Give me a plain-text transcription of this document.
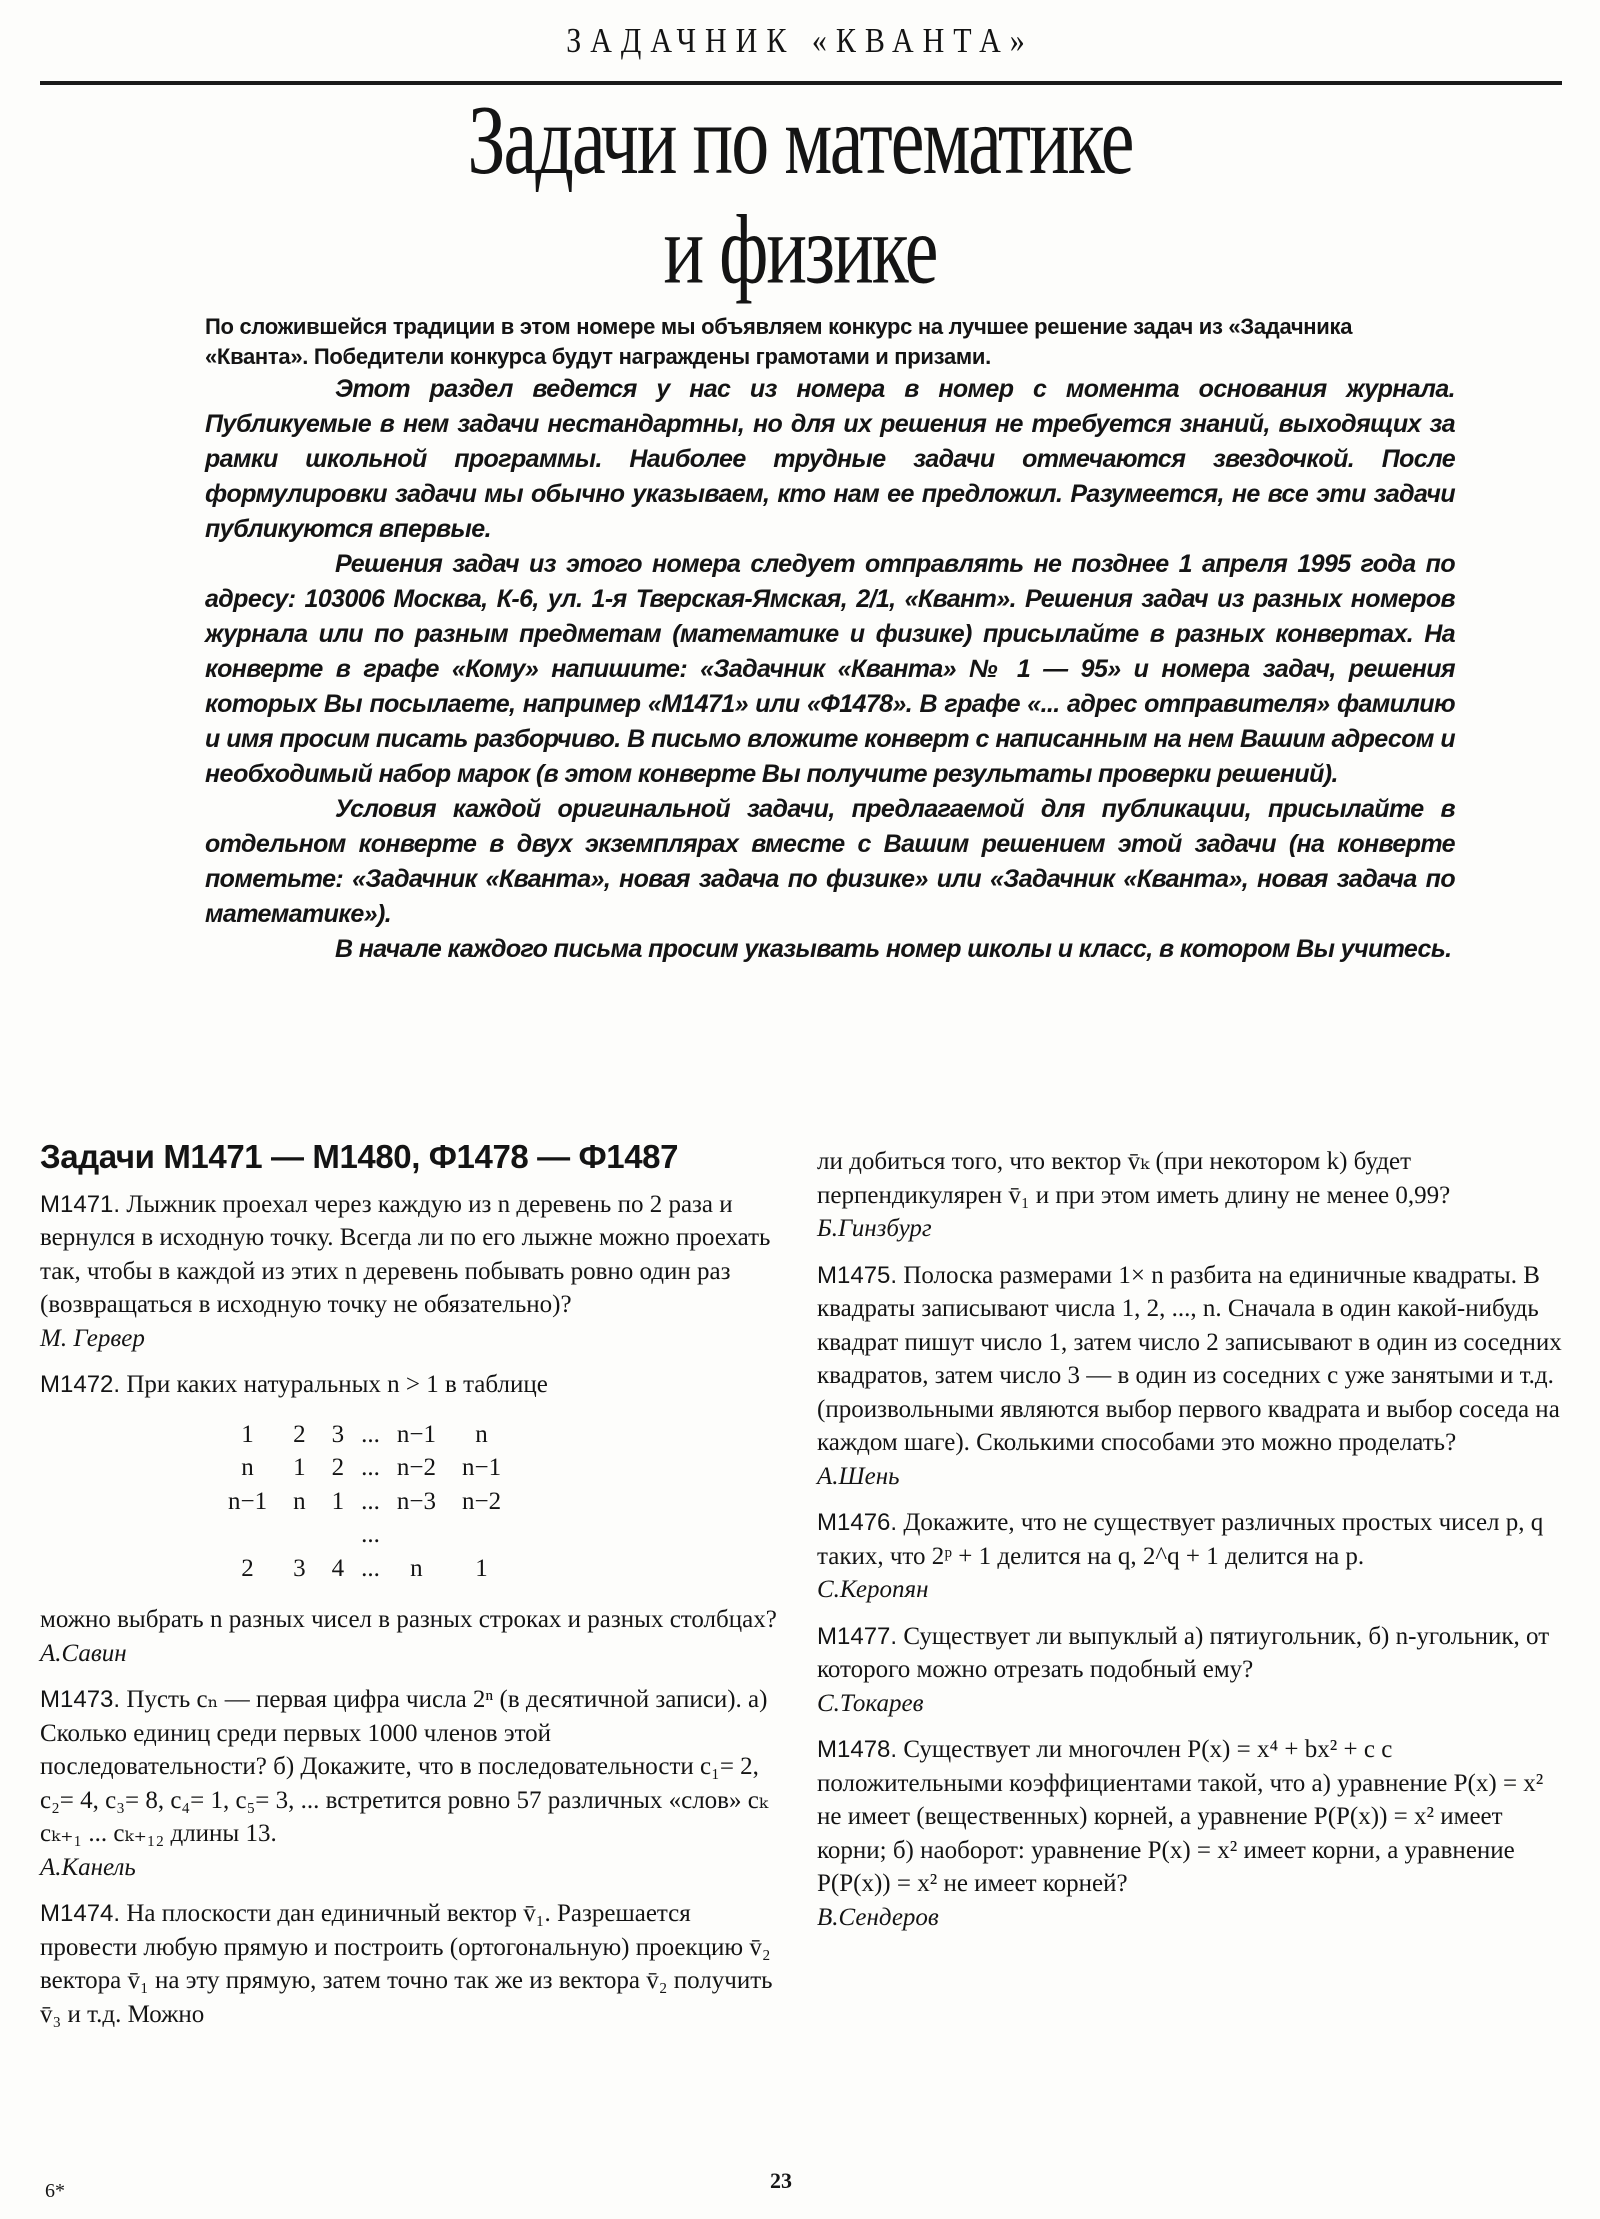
ЗАДАЧНИК «КВАНТА»
Задачи по математике
и физике

По сложившейся традиции в этом номере мы объявляем конкурс на лучшее решение задач из «Задачника «Кванта». Победители конкурса будут награждены грамотами и призами.

Этот раздел ведется у нас из номера в номер с момента основания журнала. Публикуемые в нем задачи нестандартны, но для их решения не требуется знаний, выходящих за рамки школьной программы. Наиболее трудные задачи отмечаются звездочкой. После формулировки задачи мы обычно указываем, кто нам ее предложил. Разумеется, не все эти задачи публикуются впервые.

Решения задач из этого номера следует отправлять не позднее 1 апреля 1995 года по адресу: 103006 Москва, К-6, ул. 1-я Тверская-Ямская, 2/1, «Квант». Решения задач из разных номеров журнала или по разным предметам (математике и физике) присылайте в разных конвертах. На конверте в графе «Кому» напишите: «Задачник «Кванта» № 1 — 95» и номера задач, решения которых Вы посылаете, например «М1471» или «Ф1478». В графе «... адрес отправителя» фамилию и имя просим писать разборчиво. В письмо вложите конверт с написанным на нем Вашим адресом и необходимый набор марок (в этом конверте Вы получите результаты проверки решений).

Условия каждой оригинальной задачи, предлагаемой для публикации, присылайте в отдельном конверте в двух экземплярах вместе с Вашим решением этой задачи (на конверте пометьте: «Задачник «Кванта», новая задача по физике» или «Задачник «Кванта», новая задача по математике»).

В начале каждого письма просим указывать номер школы и класс, в котором Вы учитесь.

Задачи М1471 — М1480, Ф1478 — Ф1487

М1471. Лыжник проехал через каждую из n деревень по 2 раза и вернулся в исходную точку. Всегда ли по его лыжне можно проехать так, чтобы в каждой из этих n деревень побывать ровно один раз (возвращаться в исходную точку не обязательно)?

М. Гервер

М1472. При каких натуральных n > 1 в таблице

1	2	3	...	n−1	n
n	1	2	...	n−2	n−1
n−1	n	1	...	n−3	n−2
			...		
2	3	4	...	n	1

можно выбрать n разных чисел в разных строках и разных столбцах?

А.Савин

М1473. Пусть cₙ — первая цифра числа 2ⁿ (в десятичной записи). а) Сколько единиц среди первых 1000 членов этой последовательности? б) Докажите, что в последовательности c₁= 2, c₂= 4, c₃= 8, c₄= 1, c₅= 3, ... встретится ровно 57 различных «слов» cₖ cₖ₊₁ ... cₖ₊₁₂ длины 13.

А.Канель

М1474. На плоскости дан единичный вектор v̄₁. Разрешается провести любую прямую и построить (ортогональную) проекцию v̄₂ вектора v̄₁ на эту прямую, затем точно так же из вектора v̄₂ получить v̄₃ и т.д. Можно

ли добиться того, что вектор v̄ₖ (при некотором k) будет перпендикулярен v̄₁ и при этом иметь длину не менее 0,99?

Б.Гинзбург

М1475. Полоска размерами 1× n разбита на единичные квадраты. В квадраты записывают числа 1, 2, ..., n. Сначала в один какой-нибудь квадрат пишут число 1, затем число 2 записывают в один из соседних квадратов, затем число 3 — в один из соседних с уже занятыми и т.д. (произвольными являются выбор первого квадрата и выбор соседа на каждом шаге). Сколькими способами это можно проделать?

А.Шень

М1476. Докажите, что не существует различных простых чисел p, q таких, что 2ᵖ + 1 делится на q, 2^q + 1 делится на p.

С.Керопян

М1477. Существует ли выпуклый а) пятиугольник, б) n-угольник, от которого можно отрезать подобный ему?

С.Токарев

М1478. Существует ли многочлен P(x) = x⁴ + bx² + c с положительными коэффициентами такой, что а) уравнение P(x) = x² не имеет (вещественных) корней, а уравнение P(P(x)) = x² имеет корни; б) наоборот: уравнение P(x) = x² имеет корни, а уравнение P(P(x)) = x² не имеет корней?

В.Сендеров
6*	23
